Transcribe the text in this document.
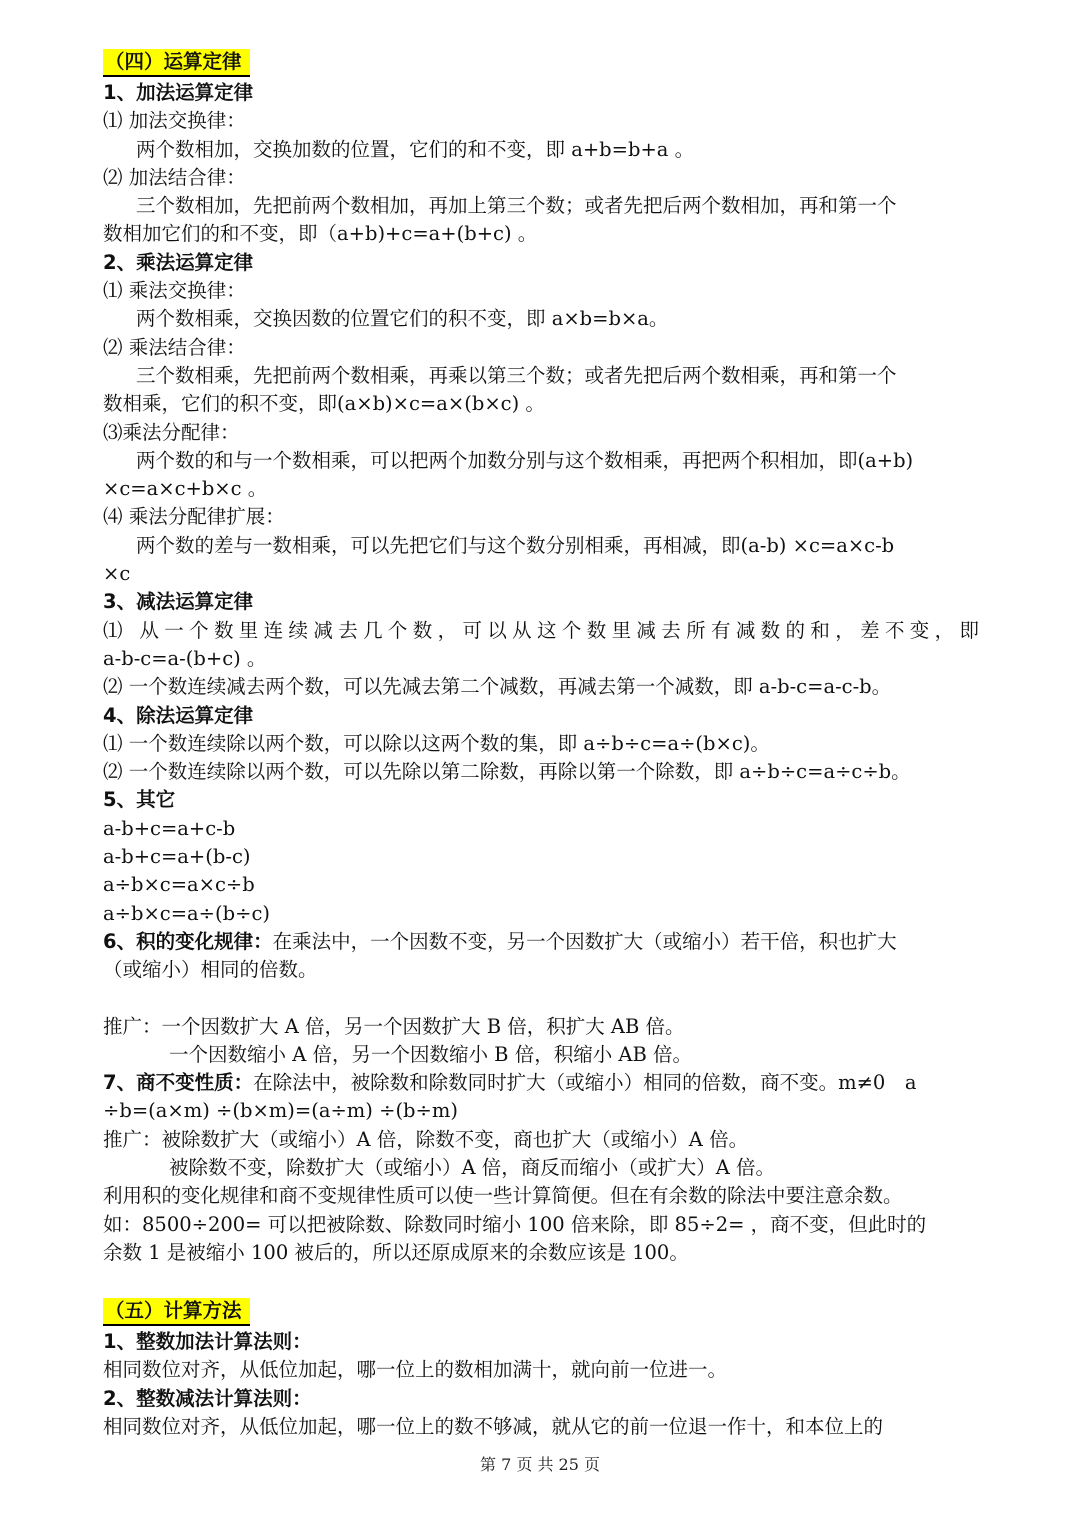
（四）运算定律
1、加法运算定律
⑴ 加法交换律：
两个数相加，交换加数的位置，它们的和不变，即 a+b=b+a 。
⑵ 加法结合律：
三个数相加，先把前两个数相加，再加上第三个数；或者先把后两个数相加，再和第一个
数相加它们的和不变，即（a+b)+c=a+(b+c) 。
2、乘法运算定律
⑴ 乘法交换律：
两个数相乘，交换因数的位置它们的积不变，即 a×b=b×a。
⑵ 乘法结合律：
三个数相乘，先把前两个数相乘，再乘以第三个数；或者先把后两个数相乘，再和第一个
数相乘，它们的积不变，即(a×b)×c=a×(b×c) 。
⑶乘法分配律：
两个数的和与一个数相乘，可以把两个加数分别与这个数相乘，再把两个积相加，即(a+b)
×c=a×c+b×c 。
⑷ 乘法分配律扩展：
两个数的差与一数相乘，可以先把它们与这个数分别相乘，再相减，即(a-b) ×c=a×c-b
×c
3、减法运算定律
⑴ 从一个数里连续减去几个数，可以从这个数里减去所有减数的和，差不变，即
a-b-c=a-(b+c) 。
⑵ 一个数连续减去两个数，可以先减去第二个减数，再减去第一个减数，即 a-b-c=a-c-b。
4、除法运算定律
⑴ 一个数连续除以两个数，可以除以这两个数的集，即 a÷b÷c=a÷(b×c)。
⑵ 一个数连续除以两个数，可以先除以第二除数，再除以第一个除数，即 a÷b÷c=a÷c÷b。
5、其它
a-b+c=a+c-b
a-b+c=a+(b-c)
a÷b×c=a×c÷b
a÷b×c=a÷(b÷c)
6、积的变化规律：在乘法中，一个因数不变，另一个因数扩大（或缩小）若干倍，积也扩大
（或缩小）相同的倍数。
推广：一个因数扩大 A 倍，另一个因数扩大 B 倍，积扩大 AB 倍。
一个因数缩小 A 倍，另一个因数缩小 B 倍，积缩小 AB 倍。
7、商不变性质：在除法中，被除数和除数同时扩大（或缩小）相同的倍数，商不变。m≠0　a
÷b=(a×m) ÷(b×m)=(a÷m) ÷(b÷m)
推广：被除数扩大（或缩小）A 倍，除数不变，商也扩大（或缩小）A 倍。
被除数不变，除数扩大（或缩小）A 倍，商反而缩小（或扩大）A 倍。
利用积的变化规律和商不变规律性质可以使一些计算简便。但在有余数的除法中要注意余数。
如：8500÷200= 可以把被除数、除数同时缩小 100 倍来除，即 85÷2= ，商不变，但此时的
余数 1 是被缩小 100 被后的，所以还原成原来的余数应该是 100。
（五）计算方法
1、整数加法计算法则：
相同数位对齐，从低位加起，哪一位上的数相加满十，就向前一位进一。
2、整数减法计算法则：
相同数位对齐，从低位加起，哪一位上的数不够减，就从它的前一位退一作十，和本位上的
第 7 页 共 25 页
